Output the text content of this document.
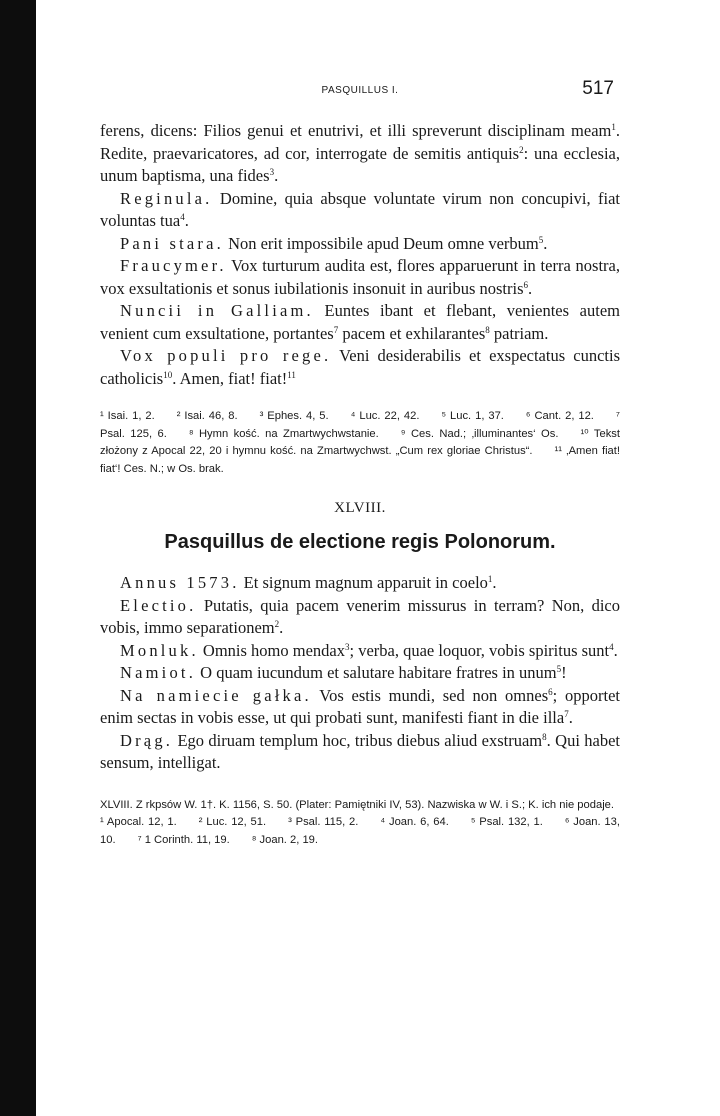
PASQUILLUS I.	517

ferens, dicens: Filios genui et enutrivi, et illi spreverunt disciplinam meam$^1$. Redite, praevaricatores, ad cor, interrogate de semitis antiquis$^2$: una ecclesia, unum baptisma, una fides$^3$.

Reginula. Domine, quia absque voluntate virum non concupivi, fiat voluntas tua$^4$.

Pani stara. Non erit impossibile apud Deum omne verbum$^5$.

Fraucymer. Vox turturum audita est, flores apparuerunt in terra nostra, vox exsultationis et sonus iubilationis insonuit in auribus nostris$^6$.

Nuncii in Galliam. Euntes ibant et flebant, venientes autem venient cum exsultatione, portantes$^7$ pacem et exhilarantes$^8$ patriam.

Vox populi pro rege. Veni desiderabilis et exspectatus cunctis catholicis$^{10}$. Amen, fiat! fiat!$^{11}$

¹ Isai. 1, 2. ² Isai. 46, 8. ³ Ephes. 4, 5. ⁴ Luc. 22, 42. ⁵ Luc. 1, 37. ⁶ Cant. 2, 12. ⁷ Psal. 125, 6. ⁸ Hymn kość. na Zmartwychwstanie. ⁹ Ces. Nad.; ‚illuminantes‘ Os. ¹⁰ Tekst złożony z Apocal 22, 20 i hymnu kość. na Zmartwychwst. „Cum rex gloriae Christus“. ¹¹ ‚Amen fiat! fiat‘! Ces. N.; w Os. brak.

XLVIII.
Pasquillus de electione regis Polonorum.

Annus 1573. Et signum magnum apparuit in coelo$^1$.

Electio. Putatis, quia pacem venerim missurus in terram? Non, dico vobis, immo separationem$^2$.

Monluk. Omnis homo mendax$^3$; verba, quae loquor, vobis spiritus sunt$^4$.

Namiot. O quam iucundum et salutare habitare fratres in unum$^5$!

Na namiecie gałka. Vos estis mundi, sed non omnes$^6$; opportet enim sectas in vobis esse, ut qui probati sunt, manifesti fiant in die illa$^7$.

Drąg. Ego diruam templum hoc, tribus diebus aliud exstruam$^8$. Qui habet sensum, intelligat.

XLVIII. Z rkpsów W. 1†. K. 1156, S. 50. (Plater: Pamiętniki IV, 53). Nazwiska w W. i S.; K. ich nie podaje.

¹ Apocal. 12, 1. ² Luc. 12, 51. ³ Psal. 115, 2. ⁴ Joan. 6, 64. ⁵ Psal. 132, 1. ⁶ Joan. 13, 10. ⁷ 1 Corinth. 11, 19. ⁸ Joan. 2, 19.
